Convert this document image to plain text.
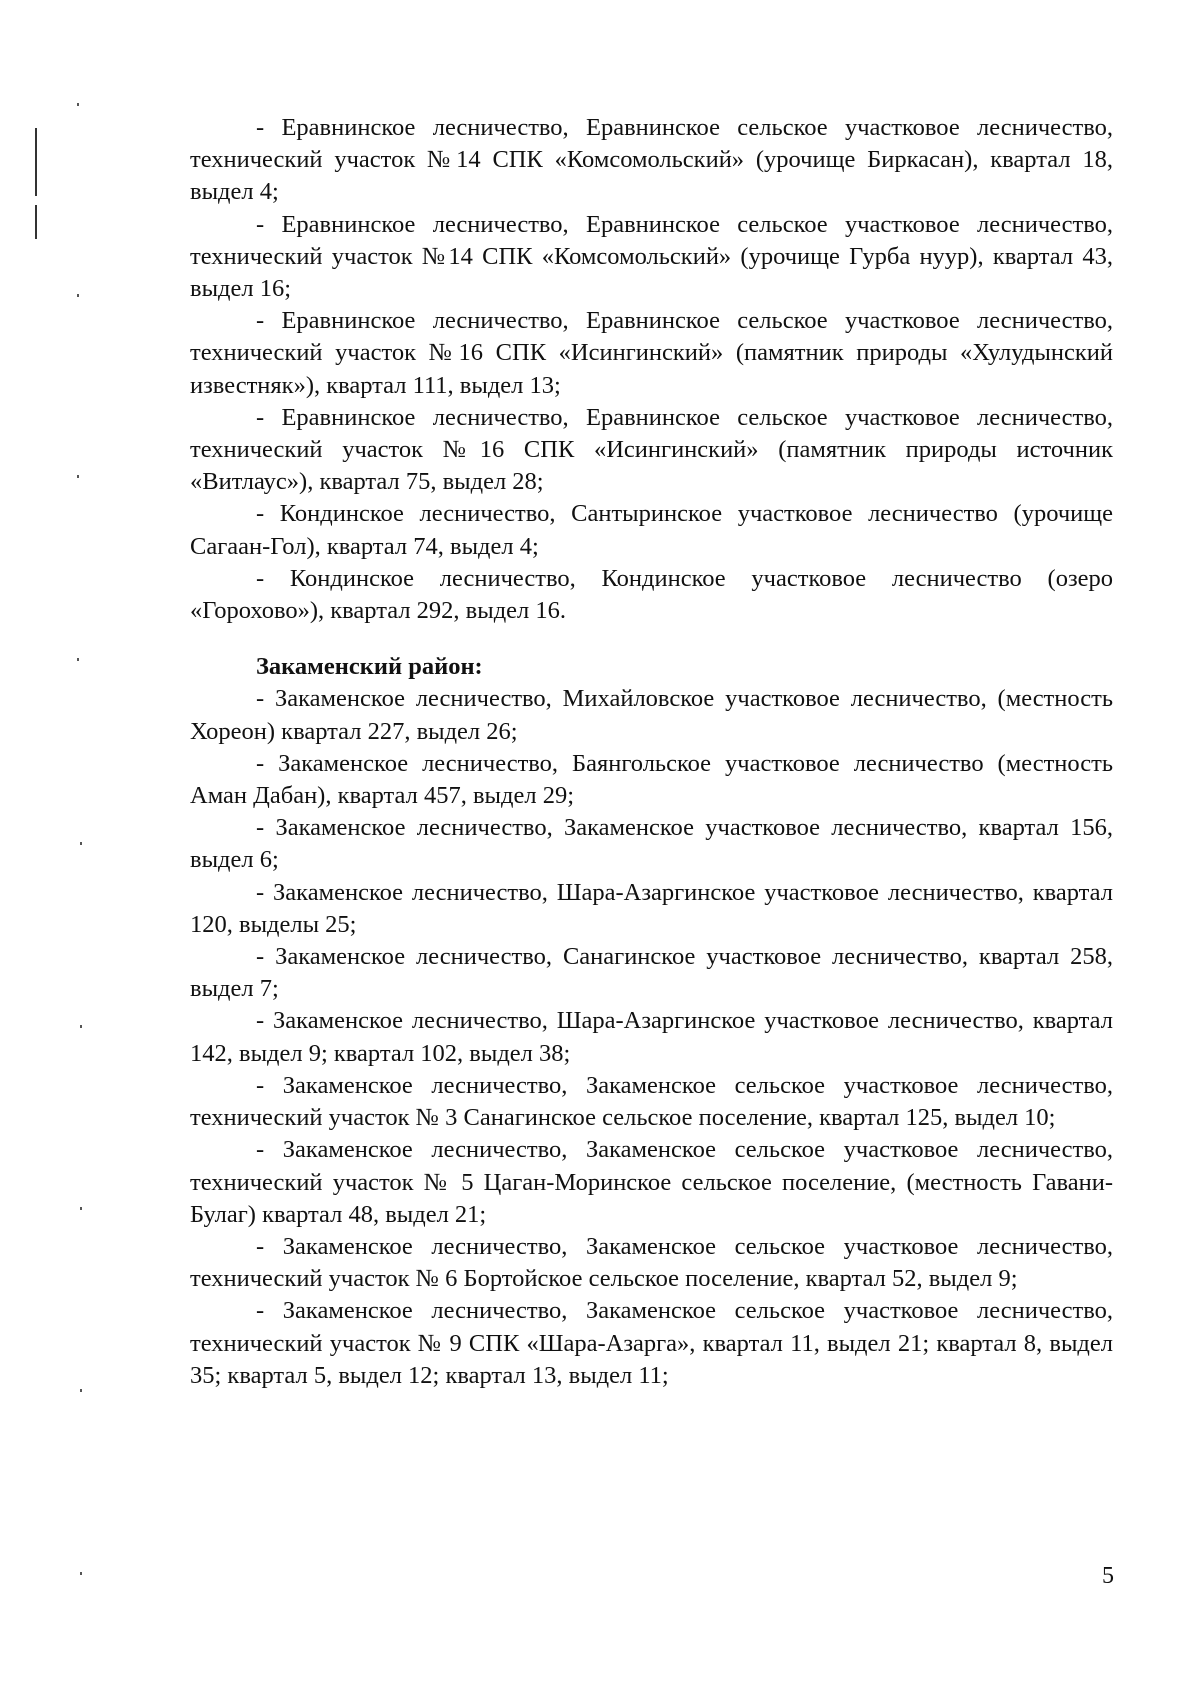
- Еравнинское лесничество, Еравнинское сельское участковое лесничество, технический участок №14 СПК «Комсомольский» (урочище Биркасан), квартал 18, выдел 4;

- Еравнинское лесничество, Еравнинское сельское участковое лесничество, технический участок №14 СПК «Комсомольский» (урочище Гурба нуур), квартал 43, выдел 16;

- Еравнинское лесничество, Еравнинское сельское участковое лесничество, технический участок №16 СПК «Исингинский» (памятник природы «Хулудынский известняк»), квартал 111, выдел 13;

- Еравнинское лесничество, Еравнинское сельское участковое лесничество, технический участок №16 СПК «Исингинский» (памятник природы источник «Витлаус»), квартал 75, выдел 28;

- Кондинское лесничество, Сантыринское участковое лесничество (урочище Сагаан-Гол), квартал 74, выдел 4;

- Кондинское лесничество, Кондинское участковое лесничество (озеро «Горохово»), квартал 292, выдел 16.

Закаменский район:

- Закаменское лесничество, Михайловское участковое лесничество, (местность Хореон) квартал 227, выдел 26;

- Закаменское лесничество, Баянгольское участковое лесничество (местность Аман Дабан), квартал 457, выдел 29;

- Закаменское лесничество, Закаменское участковое лесничество, квартал 156, выдел 6;

- Закаменское лесничество, Шара-Азаргинское участковое лесничество, квартал 120, выделы 25;

- Закаменское лесничество, Санагинское участковое лесничество, квартал 258, выдел 7;

- Закаменское лесничество, Шара-Азаргинское участковое лесничество, квартал 142, выдел 9; квартал 102, выдел 38;

- Закаменское лесничество, Закаменское сельское участковое лесничество, технический участок № 3 Санагинское сельское поселение, квартал 125, выдел 10;

- Закаменское лесничество, Закаменское сельское участковое лесничество, технический участок № 5 Цаган-Моринское сельское поселение, (местность Гавани-Булаг) квартал 48, выдел 21;

- Закаменское лесничество, Закаменское сельское участковое лесничество, технический участок № 6 Бортойское сельское поселение, квартал 52, выдел 9;

- Закаменское лесничество, Закаменское сельское участковое лесничество, технический участок № 9 СПК «Шара-Азарга», квартал 11, выдел 21; квартал 8, выдел 35; квартал 5, выдел 12; квартал 13, выдел 11;

5
